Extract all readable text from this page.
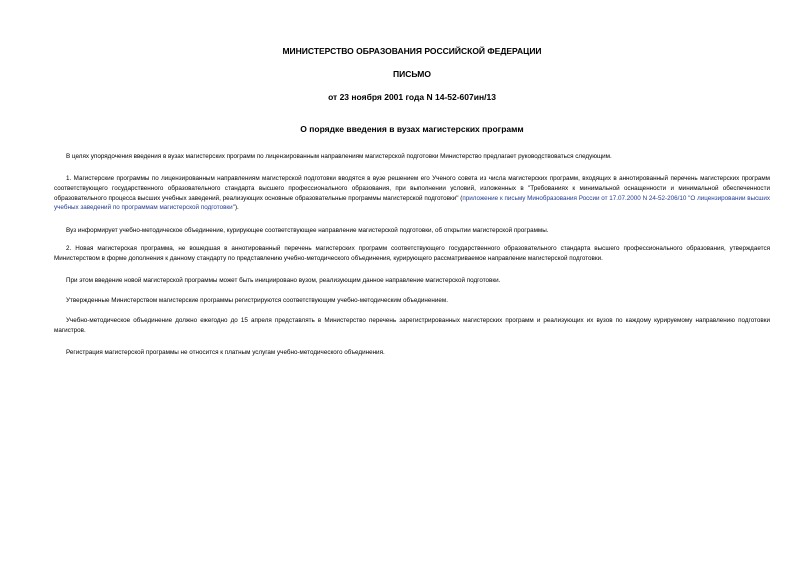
МИНИСТЕРСТВО ОБРАЗОВАНИЯ РОССИЙСКОЙ ФЕДЕРАЦИИ
ПИСЬМО
от 23 ноября 2001 года N 14-52-607ин/13
О порядке введения в вузах магистерских программ
В целях упорядочения введения в вузах магистерских программ по лицензированным направлениям магистерской подготовки Министерство предлагает руководствоваться следующим.
1. Магистерские программы по лицензированным направлениям магистерской подготовки вводятся в вузе решением его Ученого совета из числа магистерских программ, входящих в аннотированный перечень магистерских программ соответствующего государственного образовательного стандарта высшего профессионального образования, при выполнении условий, изложенных в "Требованиях к минимальной оснащенности и минимальной обеспеченности образовательного процесса высших учебных заведений, реализующих основные образовательные программы магистерской подготовки" (приложение к письму Минобразования России от 17.07.2000 N 24-52-206/10 "О лицензировании высших учебных заведений по программам магистерской подготовки").
Вуз информирует учебно-методическое объединение, курирующее соответствующее направление магистерской подготовки, об открытии магистерской программы.
2. Новая магистерская программа, не вошедшая в аннотированный перечень магистерских программ соответствующего государственного образовательного стандарта высшего профессионального образования, утверждается Министерством в форме дополнения к данному стандарту по представлению учебно-методического объединения, курирующего рассматриваемое направление магистерской подготовки.
При этом введение новой магистерской программы может быть инициировано вузом, реализующим данное направление магистерской подготовки.
Утвержденные Министерством магистерские программы регистрируются соответствующим учебно-методическим объединением.
Учебно-методическое объединение должно ежегодно до 15 апреля представлять в Министерство перечень зарегистрированных магистерских программ и реализующих их вузов по каждому курируемому направлению подготовки магистров.
Регистрация магистерской программы не относится к платным услугам учебно-методического объединения.
